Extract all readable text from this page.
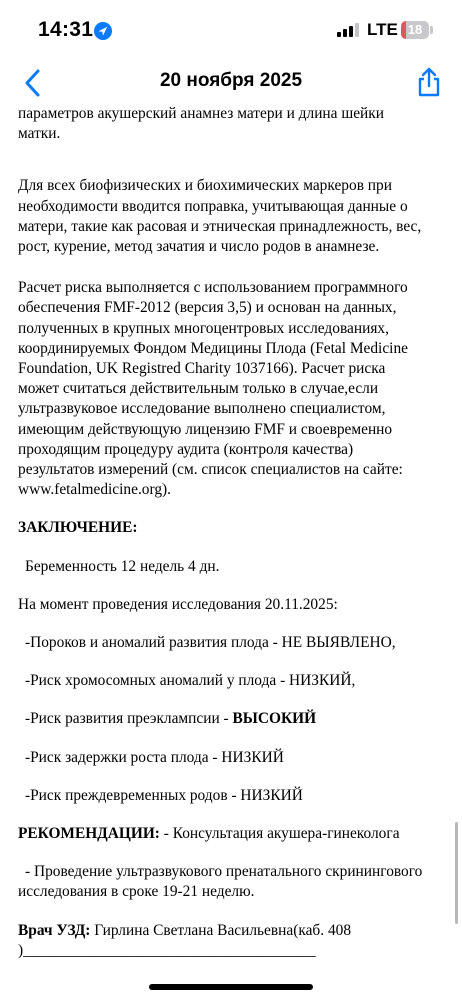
14:31	LTE 18
20 ноября 2025

параметров акушерский анамнез матери и длина шейки

матки.

Для всех биофизических и биохимических маркеров при

необходимости вводится поправка, учитывающая данные о

матери, такие как расовая и этническая принадлежность, вес,

рост, курение, метод зачатия и число родов в анамнезе.

Расчет риска выполняется с использованием программного

обеспечения FMF-2012 (версия 3,5) и основан на данных,

полученных в крупных многоцентровых исследованиях,

координируемых Фондом Медицины Плода (Fetal Medicine

Foundation, UK Registred Charity 1037166). Расчет риска

может считаться действительным только в случае,если

ультразвуковое исследование выполнено специалистом,

имеющим действующую лицензию FMF и своевременно

проходящим процедуру аудита (контроля качества)

результатов измерений (см. список специалистов на сайте:

www.fetalmedicine.org).

ЗАКЛЮЧЕНИЕ:

Беременность 12 недель 4 дн.

На момент проведения исследования 20.11.2025:

-Пороков и аномалий развития плода - НЕ ВЫЯВЛЕНО,

-Риск хромосомных аномалий у плода - НИЗКИЙ,

-Риск развития преэклампсии - ВЫСОКИЙ

-Риск задержки роста плода - НИЗКИЙ

-Риск преждевременных родов - НИЗКИЙ

РЕКОМЕНДАЦИИ: - Консультация акушера-гинеколога

- Проведение ультразвукового пренатального скринингового

исследования в сроке 19-21 неделю.

Врач УЗД: Гирлина Светлана Васильевна(каб. 408

)______________________________________
